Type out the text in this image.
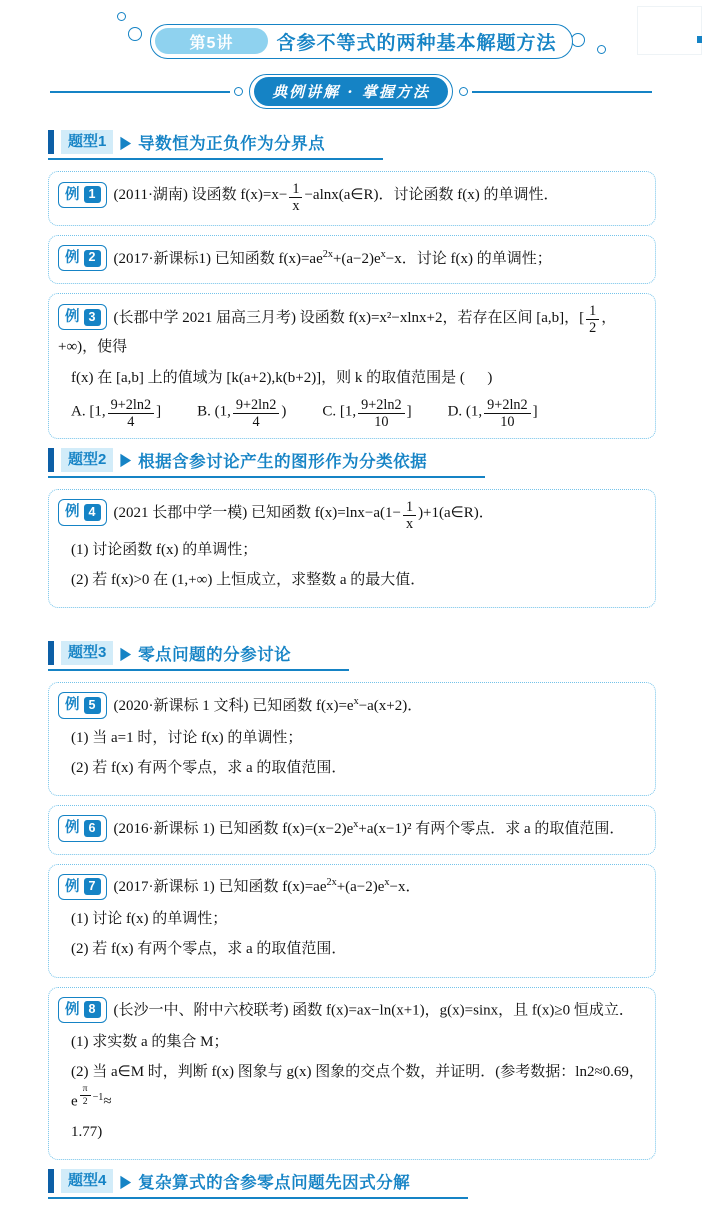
第5讲	含参不等式的两种基本解题方法
典例讲解 · 掌握方法
题型1	▶ 导数恒为正负作为分界点
例 1	(2011·湖南) 设函数 $f(x)=x- \frac{1}{x}$ −alnx(a∈R)．讨论函数 f(x) 的单调性．
例 2	(2017·新课标1) 已知函数 $f(x)=ae^{2x}+(a-2)e^x-x$．讨论 f(x) 的单调性；
例 3	(长郡中学 2021 届高三月考) 设函数 f(x)=x²−xlnx+2，若存在区间 [a,b]，[ $\frac{1}{2}$ ，+∞)，使得
f(x) 在 [a,b] 上的值域为 [k(a+2),k(b+2)]，则 k 的取值范围是 (      )
A. [1, $\frac{9+2\ln 2}{4}$ ] B. (1, $\frac{9+2\ln 2}{4}$ ) C. [1, $\frac{9+2\ln 2}{10}$ ] D. (1, $\frac{9+2\ln 2}{10}$ ]
题型2	▶ 根据含参讨论产生的图形作为分类依据
例 4	(2021 长郡中学一模) 已知函数 $f(x)=\ln x-a(1- \frac{1}{x}$ )+1(a∈R)．
(1) 讨论函数 f(x) 的单调性；
(2) 若 f(x)>0 在 (1,+∞) 上恒成立，求整数 a 的最大值．
题型3	▶ 零点问题的分参讨论
例 5	(2020·新课标 1 文科) 已知函数 $f(x)=e^x-a(x+2)$．
(1) 当 a=1 时，讨论 f(x) 的单调性；
(2) 若 f(x) 有两个零点，求 a 的取值范围．
例 6	(2016·新课标 1) 已知函数 $f(x)=(x-2)e^x+a(x-1)^2$ 有两个零点．求 a 的取值范围．
例 7	(2017·新课标 1) 已知函数 $f(x)=ae^{2x}+(a-2)e^x-x$．
(1) 讨论 f(x) 的单调性；
(2) 若 f(x) 有两个零点，求 a 的取值范围．
例 8	(长沙一中、附中六校联考) 函数 f(x)=ax−ln(x+1)，g(x)=sinx，且 f(x)≥0 恒成立．
(1) 求实数 a 的集合 M；
(2) 当 a∈M 时，判断 f(x) 图象与 g(x) 图象的交点个数，并证明．(参考数据：ln2≈0.69，e $^{\frac{\pi}{2} -1}$≈
1.77)
题型4	▶ 复杂算式的含参零点问题先因式分解
